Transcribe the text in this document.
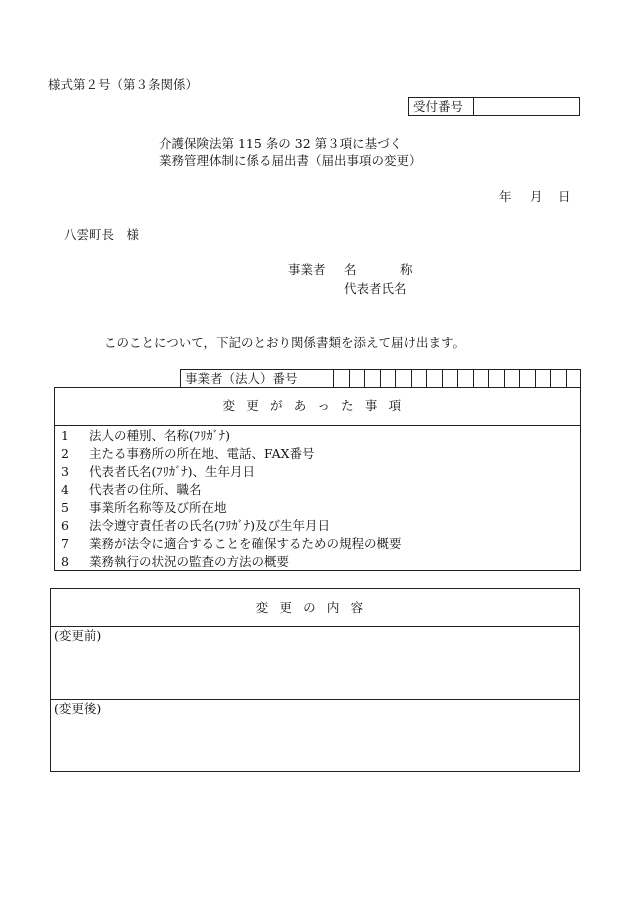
様式第２号（第３条関係）
受付番号
介護保険法第 115 条の 32 第３項に基づく
業務管理体制に係る届出書（届出事項の変更）
年 月 日
八雲町長　様
事業者 名	称
代表者氏名
このことについて，下記のとおり関係書類を添えて届け出ます。
事業者（法人）番号
変更があった事項
1 法人の種別、名称(ﾌﾘｶﾞﾅ)
2 主たる事務所の所在地、電話、FAX番号
3 代表者氏名(ﾌﾘｶﾞﾅ)、生年月日
4 代表者の住所、職名
5 事業所名称等及び所在地
6 法令遵守責任者の氏名(ﾌﾘｶﾞﾅ)及び生年月日
7 業務が法令に適合することを確保するための規程の概要
8 業務執行の状況の監査の方法の概要
変更の内容
(変更前)
(変更後)
